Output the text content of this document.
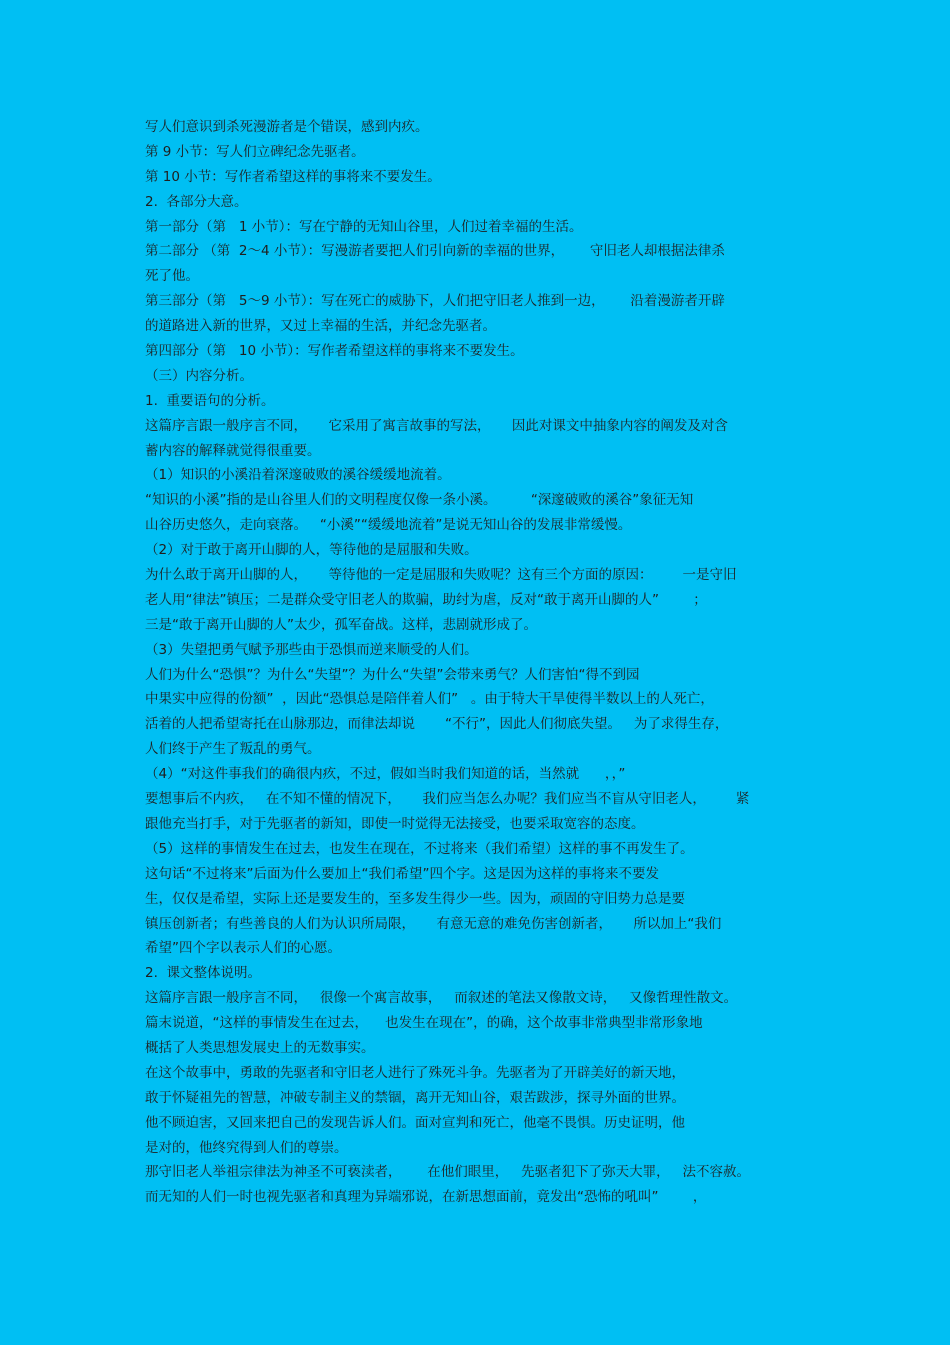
写人们意识到杀死漫游者是个错误，感到内疚。
第 9 小节：写人们立碑纪念先驱者。
第 10 小节：写作者希望这样的事将来不要发生。
2.  各部分大意。
第一部分（第   1 小节）：写在宁静的无知山谷里，人们过着幸福的生活。
第二部分 （第  2～4 小节）：写漫游者要把人们引向新的幸福的世界，      守旧老人却根据法律杀
死了他。
第三部分（第   5～9 小节）：写在死亡的威胁下，人们把守旧老人推到一边，      沿着漫游者开辟
的道路进入新的世界，又过上幸福的生活，并纪念先驱者。
第四部分（第   10 小节）：写作者希望这样的事将来不要发生。
（三）内容分析。
1.  重要语句的分析。
这篇序言跟一般序言不同，     它采用了寓言故事的写法，     因此对课文中抽象内容的阐发及对含
蓄内容的解释就觉得很重要。
（1）知识的小溪沿着深邃破败的溪谷缓缓地流着。
“知识的小溪”指的是山谷里人们的文明程度仅像一条小溪。        “深邃破败的溪谷”象征无知
山谷历史悠久，走向衰落。   “小溪”“缓缓地流着”是说无知山谷的发展非常缓慢。
（2）对于敢于离开山脚的人，等待他的是屈服和失败。
为什么敢于离开山脚的人，     等待他的一定是屈服和失败呢？这有三个方面的原因：       一是守旧
老人用“律法”镇压；二是群众受守旧老人的欺骗，助纣为虐，反对“敢于离开山脚的人”        ；
三是“敢于离开山脚的人”太少，孤军奋战。这样，悲剧就形成了。
（3）失望把勇气赋予那些由于恐惧而逆来顺受的人们。
人们为什么“恐惧”？为什么“失望”？为什么“失望”会带来勇气？人们害怕“得不到园
中果实中应得的份额”  ，因此“恐惧总是陪伴着人们”   。由于特大干旱使得半数以上的人死亡，
活着的人把希望寄托在山脉那边，而律法却说       “不行”，因此人们彻底失望。   为了求得生存，
人们终于产生了叛乱的勇气。
（4）“对这件事我们的确很内疚，不过，假如当时我们知道的话，当然就      ，，”
要想事后不内疚，   在不知不懂的情况下，     我们应当怎么办呢？我们应当不盲从守旧老人，       紧
跟他充当打手，对于先驱者的新知，即使一时觉得无法接受，也要采取宽容的态度。
（5）这样的事情发生在过去，也发生在现在，不过将来（我们希望）这样的事不再发生了。
这句话“不过将来”后面为什么要加上“我们希望”四个字。这是因为这样的事将来不要发
生，仅仅是希望，实际上还是要发生的，至多发生得少一些。因为，顽固的守旧势力总是要
镇压创新者；有些善良的人们为认识所局限，     有意无意的难免伤害创新者，     所以加上“我们
希望”四个字以表示人们的心愿。
2.  课文整体说明。
这篇序言跟一般序言不同，   很像一个寓言故事，   而叙述的笔法又像散文诗，   又像哲理性散文。
篇末说道，“这样的事情发生在过去，    也发生在现在”，的确，这个故事非常典型非常形象地
概括了人类思想发展史上的无数事实。
在这个故事中，勇敢的先驱者和守旧老人进行了殊死斗争。先驱者为了开辟美好的新天地，
敢于怀疑祖先的智慧，冲破专制主义的禁锢，离开无知山谷，艰苦跋涉，探寻外面的世界。
他不顾迫害，又回来把自己的发现告诉人们。面对宣判和死亡，他毫不畏惧。历史证明，他
是对的，他终究得到人们的尊崇。
那守旧老人举祖宗律法为神圣不可亵渎者，      在他们眼里，   先驱者犯下了弥天大罪，   法不容赦。
而无知的人们一时也视先驱者和真理为异端邪说，在新思想面前，竟发出“恐怖的吼叫”        ，
